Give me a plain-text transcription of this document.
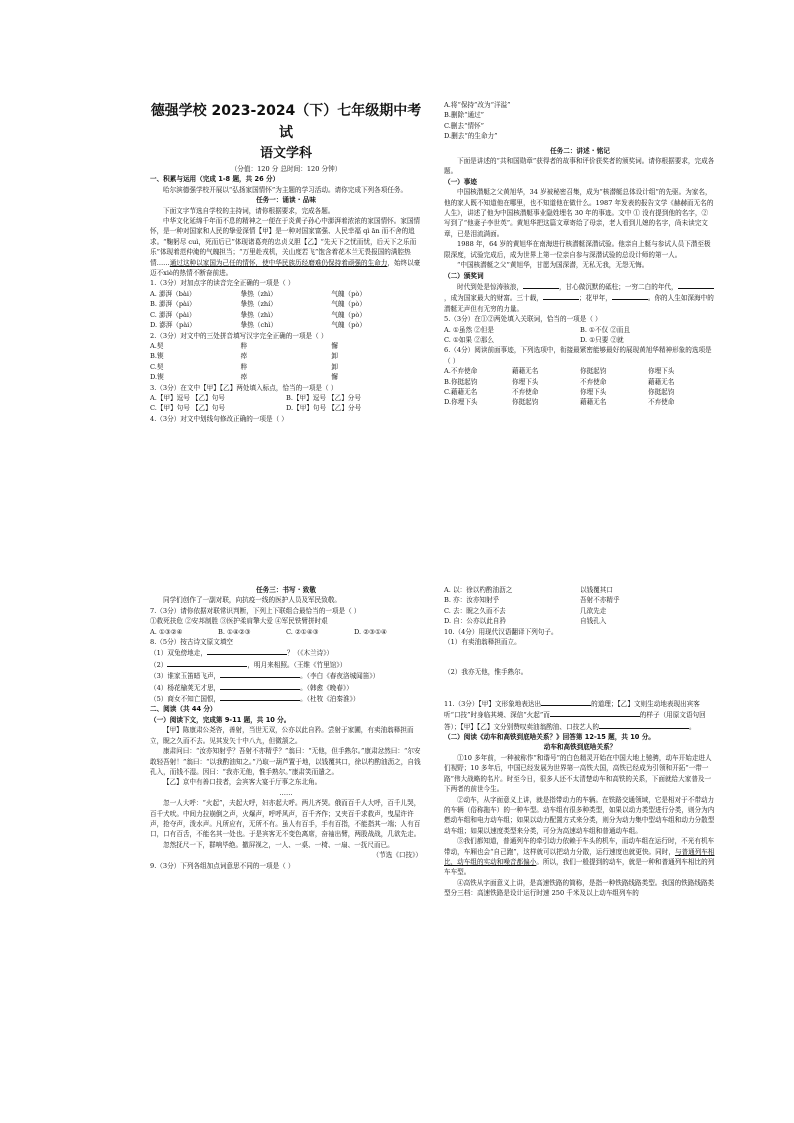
德强学校 2023-2024（下）七年级期中考试
语文学科
（分值：120 分 总时间：120 分钟）
一、积累与运用（完成 1-8 题，共 26 分）

哈尔滨德强学校开展以“弘扬家国情怀”为主题的学习活动。请你完成下列各项任务。

任务一：诵读 · 品味

下面文字节选自学校的主持词，请你根据要求，完成各题。

中华文化延绵千年而不息的精神之一便在于炎黄子孙心中澎湃着浓浓的家国情怀。家国情怀，是一种对国家和人民的挚爱深情【甲】是一种对国家富强、人民幸福 qì ān 而不舍的追求。“鞠躬尽 cuì，死而后已”体现诸葛亮的忠贞义胆【乙】“先天下之忧而忧，后天下之乐而乐”体现着范仲淹的气魄担当；“万里赴戎机，关山度若飞”饱含着花木兰无畏报国的满腔热情……通过这种以家国为己任的情怀，使中华民族历经磨难仍保持着顽强的生命力，始终以豪迈不xiè的热情不断奋前进。

1.（3分）对加点字的读音完全正确的一项是（ ）

A. 澎湃（bài）	挚热（zhì）	气魄（pò）
B. 澎湃（pài）	挚热（zhí）	气魄（pò）
C. 澎湃（pài）	挚热（zhì）	气魄（pò）
D. 澎湃（pài）	挚热（chì）	气魄（pò）

2.（3分）对文中的三处拼音填写汉字完全正确的一项是（ ）

A.契	粹	懈
B.锲	瘁	卸
C.契	粹	卸
D.锲	瘁	懈

3.（3分）在文中【甲】【乙】两处填入标点，恰当的一项是（ ）

A.【甲】逗号 【乙】句号	B.【甲】逗号 【乙】分号
C.【甲】句号 【乙】句号	D.【甲】句号 【乙】分号

4.（3分）对文中划线句修改正确的一项是（ ）

A.将“保持”改为“洋溢”
B.删除“通过”
C.删去“情怀”
D.删去“的生命力”
任务二：讲述 · 铭记

下面是讲述的“共和国勋章”获得者的故事和评价获奖者的颁奖词。请你根据要求，完成各题。

（一）事迹

中国核潜艇之父黄旭华，34 岁被秘密召集，成为“核潜艇总体设计组”的先驱。为家名，他的家人既不知道他在哪里，也不知道他在做什么。1987 年发表的报告文学《赫赫而无名的人生》，讲述了他为中国核潜艇事业隐姓埋名 30 年的事迹。文中 ① 没有提到他的名字，② 写到了“他妻子李世英”。黄旭华把这篇文章寄给了母亲，老人看到儿媳的名字，尚未读完文章，已是泪流满面。

1988 年，64 岁的黄旭华在南海进行核潜艇深潜试验。他亲自上艇与参试人员下潜至极限深度，试验完成后，成为世界上第一位亲自参与深潜试验的总设计师的第一人。

“中国核潜艇之父”黄旭华，甘愿为国深潜，无私无我，无怨无悔。

（二）颁奖词

时代到处是惊涛骇浪，	，甘心做沉默的砥柱；一穷二白的年代，，成为国家最大的财富。三十载，	；花甲年，	。你的人生如深海中的潜艇无声但有无穷的力量。

5.（3分）在①②两处填入关联词，恰当的一项是（ ）

A. ①虽然 ②但是	B. ①不仅 ②而且
C. ①如果 ②那么	D. ①只要 ②就

6.（4分）阅读前面事迹，下列选项中，衔接最紧密能够最好的展现黄旭华精神形象的选项是（ ）

A.不弃使命	藉藉无名	你挺起钧	你埋下头
B.你挺起钧	你埋下头	不弃使命	藉藉无名
C.藉藉无名	不弃使命	你埋下头	你挺起钧
D.你埋下头	你挺起钧	藉藉无名	不弃使命
任务三：书写 · 致敬

同学们创作了一副对联，向抗疫一线的医护人员及军民致敬。

7.（3分）请你依据对联常识判断，下列上下联组合最恰当的一项是（ ）

①救死扶危 ②安邦制胜 ③医护柔肩擎大爱 ④军民铁臂拼时艰

A. ①③②④	B. ①④②③	C. ②①④③	D. ②③①④

8.（5分）按古诗文原文填空

（1）双兔傍地走，	？（《木兰诗》）

（2）	，明月来相照。（王维《竹里馆》）

（3）谁家玉笛暗飞声，	。（李白《春夜洛城闻笛》）

（4）杨花榆荚无才思，	。（韩愈《晚春》）

（5）商女不知亡国恨，	。（杜牧《泊秦淮》）

二、阅读（共 44 分）
（一）阅读下文，完成第 9-11 题，共 10 分。

【甲】陈康肃公尧咨，善射，当世无双，公亦以此自矜。尝射于家圃，有卖油翁释担而立，睨之久而不去。见其发矢十中八九，但微颔之。

康肃问曰：“汝亦知射乎？吾射不亦精乎？”翁曰：“无他，但手熟尔。”康肃忿然曰：“尔安敢轻吾射！”翁曰：“以我酌油知之。”乃取一葫芦置于地，以钱覆其口，徐以杓酌油沥之，自钱孔入，而钱不湿。因曰：“我亦无他，惟手熟尔。”康肃笑而遣之。

【乙】京中有善口技者，会宾客大宴于厅事之东北角。

……

忽一人大呼：“火起”，夫起大呼，妇亦起大呼。两儿齐哭。俄而百千人大呼，百千儿哭，百千犬吠。中间力拉崩倒之声，火爆声，呼呼风声，百千齐作；又夹百千求救声，曳屋许许声，抢夺声，泼水声。凡所应有，无所不有。虽人有百手，手有百指，不能指其一端；人有百口，口有百舌，不能名其一处也。于是宾客无不变色离席，奋袖出臂，两股战战，几欲先走。

忽然抚尺一下，群响毕绝。撤屏视之，一人、一桌、一椅、一扇、一抚尺而已。

（节选《口技》）

9.（3分）下列各组加点词意思不同的一项是（ ）

A. 以：徐以杓酌油沥之	以钱覆其口
B. 亦：汝亦知射乎	吾射不亦精乎
C. 去：睨之久而不去	几欲先走
D. 自：公亦以此自矜	自钱孔入

10.（4分）用现代汉语翻译下列句子。

（1）有卖油翁释担而立。

（2）我亦无他，惟手熟尔。

11.（3分）【甲】文形象地表达出	的道理；【乙】文则生动地表现出宾客听“口技”时身临其境、深信“火起”而	的样子（用原文语句回答）；【甲】【乙】文分别赞叹卖油翁酌油、口技艺人的	。

（二）阅读《动车和高铁到底啥关系？》回答第 12-15 题，共 10 分。
动车和高铁到底啥关系？

①10 多年前，一种被称作“和谐号”的白色精灵开始在中国大地上驰骋，动车开始走进人们视野；10 多年后，中国已经发展为世界第一高铁大国，高铁已经成为引领和开拓“一带一路”伟大战略的名片。时至今日，很多人还不太清楚动车和高铁的关系，下面就给大家普及一下两者的前世今生。

②动车，从字面意义上讲，就是指带动力的车辆。在铁路交通领域，它是相对于不带动力的车辆（俗称拖车）的一种车型。动车组有很多种类型，如果以动力类型进行分类，则分为内燃动车组和电力动车组；如果以动力配置方式来分类，则分为动力集中型动车组和动力分散型动车组；如果以速度类型来分类，可分为高速动车组和普通动车组。

③我们都知道，普通列车的牵引动力依赖于车头的机车，而动车组在运行时，不光有机车带动，车厢也会“自己跑”，这样就可以把动力分散，运行速度也就更快。同时，与普通列车相比，动车组的实动和噪音都偏小。所以，我们一般提到的动车，就是一种和普通列车相比的列车车型。

④高铁从字面意义上讲，是高速铁路的简称，是指一种铁路线路类型。我国的铁路线路类型分三档：高速铁路是设计运行时速 250 千米及以上动车组列车的
